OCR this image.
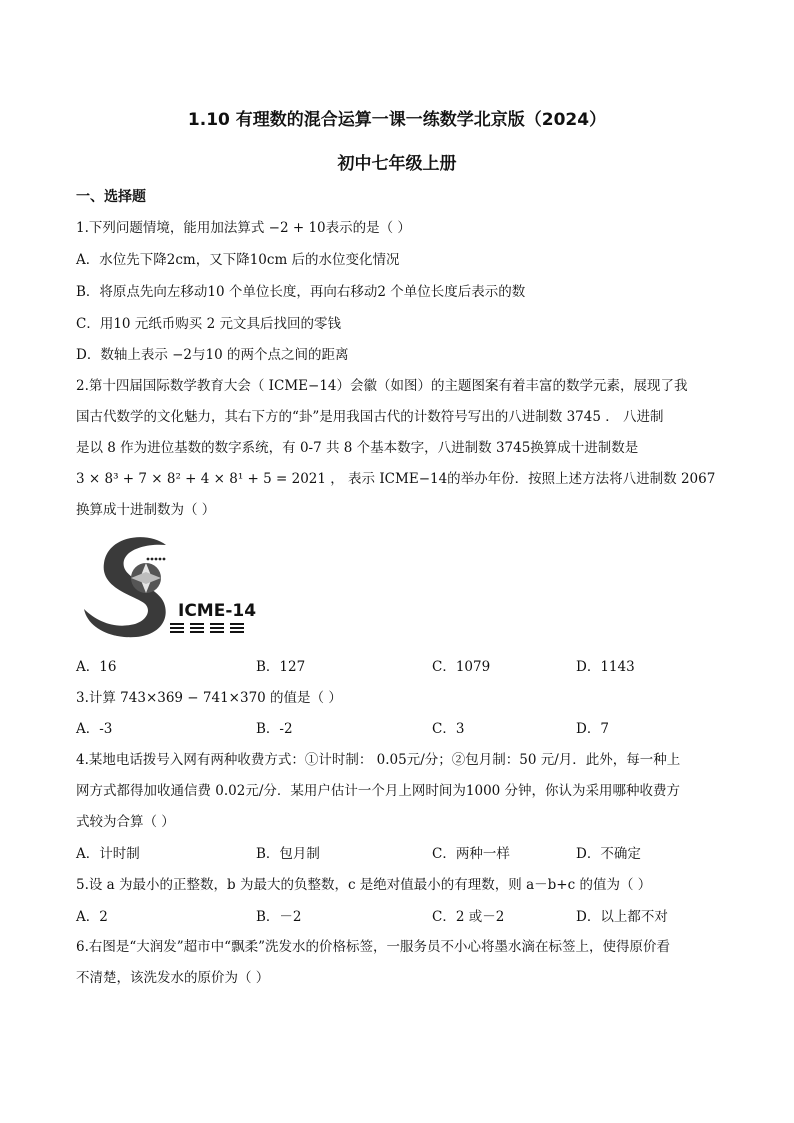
1.10 有理数的混合运算一课一练数学北京版（2024）
初中七年级上册
一、选择题
1.下列问题情境，能用加法算式 −2 + 10表示的是（ ）
A．水位先下降2cm，又下降10cm 后的水位变化情况
B．将原点先向左移动10 个单位长度，再向右移动2 个单位长度后表示的数
C．用10 元纸币购买 2 元文具后找回的零钱
D．数轴上表示 −2与10 的两个点之间的距离
2.第十四届国际数学教育大会（ ICME−14）会徽（如图）的主题图案有着丰富的数学元素，展现了我
国古代数学的文化魅力，其右下方的“卦”是用我国古代的计数符号写出的八进制数 3745 ． 八进制
是以 8 作为进位基数的数字系统，有 0-7 共 8 个基本数字，八进制数 3745换算成十进制数是
3 × 8³ + 7 × 8² + 4 × 8¹ + 5 = 2021 ， 表示 ICME−14的举办年份．按照上述方法将八进制数 2067
换算成十进制数为（ ）
ICME-14
A．16	B．127	C．1079	D．1143
3.计算 743×369 − 741×370 的值是（ ）
A．-3	B．-2	C．3	D．7
4.某地电话拨号入网有两种收费方式：①计时制： 0.05元/分；②包月制：50 元/月．此外，每一种上
网方式都得加收通信费 0.02元/分．某用户估计一个月上网时间为1000 分钟，你认为采用哪种收费方
式较为合算（ ）
A．计时制	B．包月制	C．两种一样	D．不确定
5.设 a 为最小的正整数，b 为最大的负整数，c 是绝对值最小的有理数，则 a－b+c 的值为（ ）
A．2	B．－2	C．2 或－2	D．以上都不对
6.右图是“大润发”超市中“飘柔”洗发水的价格标签，一服务员不小心将墨水滴在标签上，使得原价看
不清楚，该洗发水的原价为（ ）
